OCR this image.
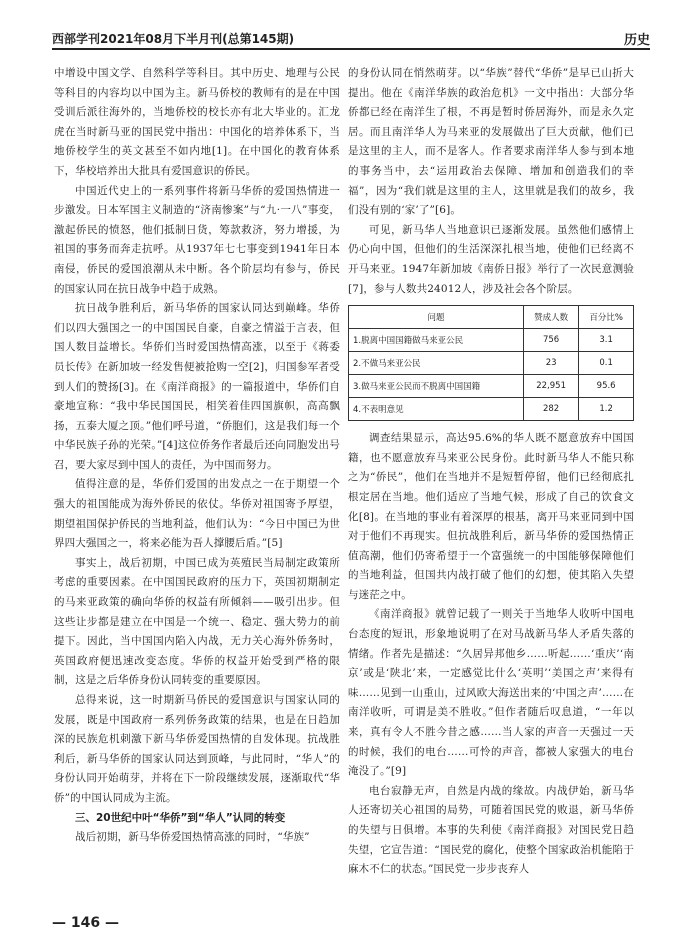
西部学刊2021年08月下半月刊(总第145期)	历史

中增设中国文学、自然科学等科目。其中历史、地理与公民等科目的内容均以中国为主。新马侨校的教师有的是在中国受训后派往海外的，当地侨校的校长亦有北大毕业的。汇龙虎在当时新马亚的国民党中指出：中国化的培养体系下，当地侨校学生的英文甚至不如内地[1]。在中国化的教育体系下，华校培养出大批具有爱国意识的侨民。

中国近代史上的一系列事件将新马华侨的爱国热情进一步激发。日本军国主义制造的“济南惨案”与“九·一八”事变，激起侨民的愤怒，他们抵制日货，筹款救济，努力增援，为祖国的事务而奔走抗呼。从1937年七七事变到1941年日本南侵，侨民的爱国浪潮从未中断。各个阶层均有参与，侨民的国家认同在抗日战争中趋于成熟。

抗日战争胜利后，新马华侨的国家认同达到巅峰。华侨们以四大强国之一的中国国民自豪，自豪之情溢于言表，但国人数目益增长。华侨们当时爱国热情高涨，以至于《蒋委员长传》在新加坡一经发售便被抢购一空[2]，归国参军者受到人们的赞扬[3]。在《南洋商报》的一篇报道中，华侨们自豪地宣称：“我中华民国国民，相笑着佳四国旗帜，高高飘扬，五泰大厦之顶。”他们呼号道，“侨胞们，这是我们每一个中华民族子孙的光荣。”[4]这位侨务作者最后还向同胞发出号召，要大家尽到中国人的责任，为中国而努力。

值得注意的是，华侨们爱国的出发点之一在于期望一个强大的祖国能成为海外侨民的依仗。华侨对祖国寄予厚望，期望祖国保护侨民的当地利益，他们认为：“今日中国已为世界四大强国之一，将来必能为吾人撑腰后盾。”[5]

事实上，战后初期，中国已成为英殖民当局制定政策所考虑的重要因素。在中国国民政府的压力下，英国初期制定的马来亚政策的确向华侨的权益有所倾斜——吸引出步。但这些让步都是建立在中国是一个统一、稳定、强大势力的前提下。因此，当中国国内陷入内战，无力关心海外侨务时，英国政府便迅速改变态度。华侨的权益开始受到严格的限制，这是之后华侨身份认同转变的重要原因。

总得来说，这一时期新马侨民的爱国意识与国家认同的发展，既是中国政府一系列侨务政策的结果，也是在日趋加深的民族危机刺激下新马华侨爱国热情的自发体现。抗战胜利后，新马华侨的国家认同达到顶峰，与此同时，“华人”的身份认同开始萌芽，并将在下一阶段继续发展，逐渐取代“华侨”的中国认同成为主流。

三、20世纪中叶“华侨”到“华人”认同的转变

战后初期，新马华侨爱国热情高涨的同时，“华族”

的身份认同在悄然萌芽。以“华族”替代“华侨”是早已山折大提出。他在《南洋华族的政治危机》一文中指出：大部分华侨都已经在南洋生了根，不再是暂时侨居海外，而是永久定居。而且南洋华人为马来亚的发展做出了巨大贡献，他们已是这里的主人，而不是客人。作者要求南洋华人参与到本地的事务当中，去“运用政治去保障、增加和创造我们的幸福”，因为“我们就是这里的主人，这里就是我们的故乡，我们没有别的‘家’了”[6]。

可见，新马华人当地意识已逐渐发展。虽然他们感情上仍心向中国，但他们的生活深深扎根当地，使他们已经离不开马来亚。1947年新加坡《南侨日报》举行了一次民意测验[7]，参与人数共24012人，涉及社会各个阶层。

问题	赞成人数	百分比%
1.脱离中国国籍做马来亚公民	756	3.1
2.不做马来亚公民	23	0.1
3.做马来亚公民而不脱离中国国籍	22,951	95.6
4.不表明意见	282	1.2

调查结果显示，高达95.6%的华人既不愿意放弃中国国籍，也不愿意放弃马来亚公民身份。此时新马华人不能只称之为“侨民”，他们在当地并不是短暂停留，他们已经彻底扎根定居在当地。他们适应了当地气候，形成了自己的饮食文化[8]。在当地的事业有着深厚的根基，离开马来亚同到中国对于他们不再现实。但抗战胜利后，新马华侨的爱国热情正值高潮，他们仍寄希望于一个富强统一的中国能够保障他们的当地利益，但国共内战打破了他们的幻想，使其陷入失望与迷茫之中。

《南洋商报》就曾记载了一则关于当地华人收听中国电台态度的短讯，形象地说明了在对马战新马华人矛盾失落的情绪。作者先是描述：“久居异邦他乡……听起……‘重庆’‘南京’或是‘陕北’来，一定感觉比什么‘英明’‘美国之声’来得有味……见到一山重山，过风欧大海送出来的‘中国之声’……在南洋收听，可谓是美不胜收。”但作者随后叹息道，“一年以来，真有令人不胜今昔之感……当人家的声音一天强过一天的时候，我们的电台……可怜的声音，都被人家强大的电台淹没了。”[9]

电台寂静无声，自然是内战的缘故。内战伊始，新马华人还寄切关心祖国的局势，可随着国民党的败退，新马华侨的失望与日俱增。本事的失利使《南洋商报》对国民党日趋失望，它宣告道：“国民党的腐化，使整个国家政治机能陷于麻木不仁的状态。”国民党一步步丧弃人

— 146 —
